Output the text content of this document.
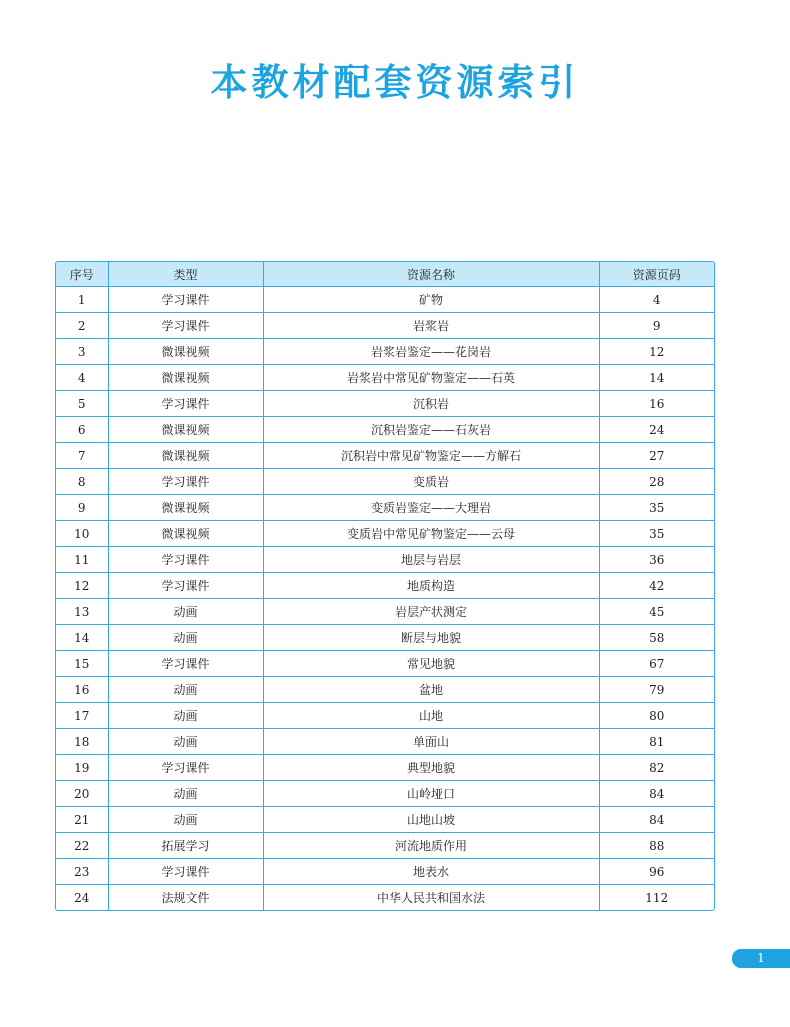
本教材配套资源索引
序号	类型	资源名称	资源页码
1	学习课件	矿物	4
2	学习课件	岩浆岩	9
3	微课视频	岩浆岩鉴定——花岗岩	12
4	微课视频	岩浆岩中常见矿物鉴定——石英	14
5	学习课件	沉积岩	16
6	微课视频	沉积岩鉴定——石灰岩	24
7	微课视频	沉积岩中常见矿物鉴定——方解石	27
8	学习课件	变质岩	28
9	微课视频	变质岩鉴定——大理岩	35
10	微课视频	变质岩中常见矿物鉴定——云母	35
11	学习课件	地层与岩层	36
12	学习课件	地质构造	42
13	动画	岩层产状测定	45
14	动画	断层与地貌	58
15	学习课件	常见地貌	67
16	动画	盆地	79
17	动画	山地	80
18	动画	单面山	81
19	学习课件	典型地貌	82
20	动画	山岭垭口	84
21	动画	山地山坡	84
22	拓展学习	河流地质作用	88
23	学习课件	地表水	96
24	法规文件	中华人民共和国水法	112
1
